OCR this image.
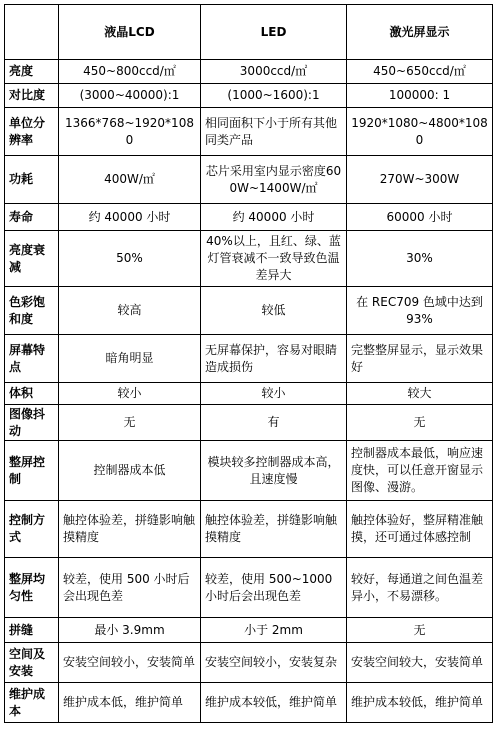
	液晶LCD	LED	激光屏显示
亮度	450~800ccd/㎡	3000ccd/㎡	450~650ccd/㎡
对比度	(3000~40000):1	(1000~1600):1	100000: 1
单位分辨率	1366*768~1920*1080	相同面积下小于所有其他同类产品	1920*1080~4800*1080
功耗	400W/㎡	芯片采用室内显示密度600W~1400W/㎡	270W~300W
寿命	约 40000 小时	约 40000 小时	60000 小时
亮度衰减	50%	40%以上，且红、绿、蓝灯管衰减不一致导致色温差异大	30%
色彩饱和度	较高	较低	在 REC709 色域中达到 93%
屏幕特点	暗角明显	无屏幕保护，容易对眼睛造成损伤	完整整屏显示，显示效果好
体积	较小	较小	较大
图像抖动	无	有	无
整屏控制	控制器成本低	模块较多控制器成本高，且速度慢	控制器成本最低，响应速度快，可以任意开窗显示图像、漫游。
控制方式	触控体验差，拼缝影响触摸精度	触控体验差，拼缝影响触摸精度	触控体验好，整屏精准触摸，还可通过体感控制
整屏均匀性	较差，使用 500 小时后会出现色差	较差，使用 500~1000小时后会出现色差	较好，每通道之间色温差异小，不易漂移。
拼缝	最小 3.9mm	小于 2mm	无
空间及安装	安装空间较小，安装简单	安装空间较小，安装复杂	安装空间较大，安装简单
维护成本	维护成本低，维护简单	维护成本较低，维护简单	维护成本较低，维护简单
